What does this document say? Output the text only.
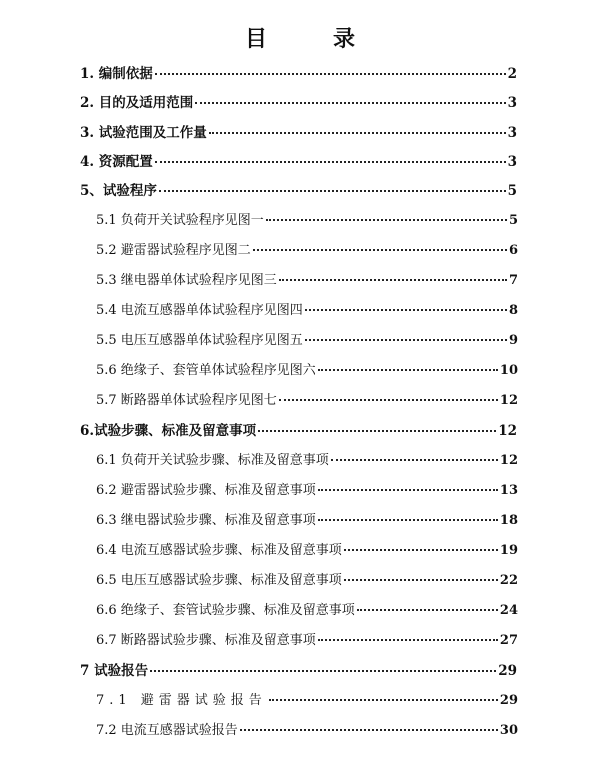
目　录
1. 编制依据	2
2. 目的及适用范围	3
3. 试验范围及工作量	3
4. 资源配置	3
5、试验程序	5
5.1 负荷开关试验程序见图一	5
5.2 避雷器试验程序见图二	6
5.3 继电器单体试验程序见图三	7
5.4 电流互感器单体试验程序见图四	8
5.5 电压互感器单体试验程序见图五	9
5.6 绝缘子、套管单体试验程序见图六	10
5.7 断路器单体试验程序见图七	12
6.试验步骤、标准及留意事项	12
6.1 负荷开关试验步骤、标准及留意事项	12
6.2 避雷器试验步骤、标准及留意事项	13
6.3 继电器试验步骤、标准及留意事项	18
6.4 电流互感器试验步骤、标准及留意事项	19
6.5 电压互感器试验步骤、标准及留意事项	22
6.6 绝缘子、套管试验步骤、标准及留意事项	24
6.7 断路器试验步骤、标准及留意事项	27
7 试验报告	29
7.1 避雷器试验报告	29
7.2 电流互感器试验报告	30
